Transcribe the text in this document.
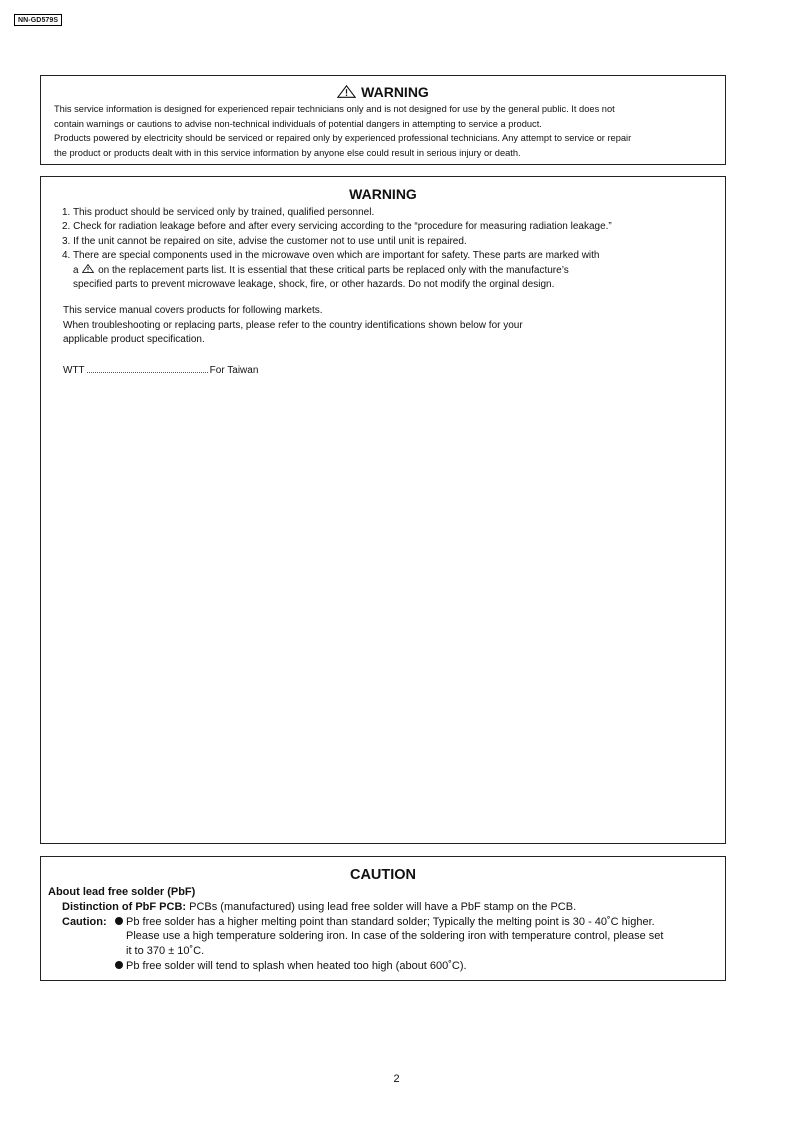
NN-GD579S
WARNING
This service information is designed for experienced repair technicians only and is not designed for use by the general public. It does not
contain warnings or cautions to advise non-technical individuals of potential dangers in attempting to service a product.
Products powered by electricity should be serviced or repaired only by experienced professional technicians. Any attempt to service or repair
the product or products dealt with in this service information by anyone else could result in serious injury or death.
WARNING
1. This product should be serviced only by trained, qualified personnel.
2. Check for radiation leakage before and after every servicing according to the “procedure for measuring radiation leakage.”
3. If the unit cannot be repaired on site, advise the customer not to use until unit is repaired.
4. There are special components used in the microwave oven which are important for safety. These parts are marked with
a on the replacement parts list. It is essential that these critical parts be replaced only with the manufacture’s
specified parts to prevent microwave leakage, shock, fire, or other hazards. Do not modify the orginal design.
This service manual covers products for following markets.
When troubleshooting or replacing parts, please refer to the country identifications shown below for your
applicable product specification.
WTT	For Taiwan
CAUTION
About lead free solder (PbF)
Distinction of PbF PCB: PCBs (manufactured) using lead free solder will have a PbF stamp on the PCB.
Caution:	Pb free solder has a higher melting point than standard solder; Typically the melting point is 30 - 40˚C higher.
Please use a high temperature soldering iron. In case of the soldering iron with temperature control, please set
it to 370 ± 10˚C.
Pb free solder will tend to splash when heated too high (about 600˚C).
2
